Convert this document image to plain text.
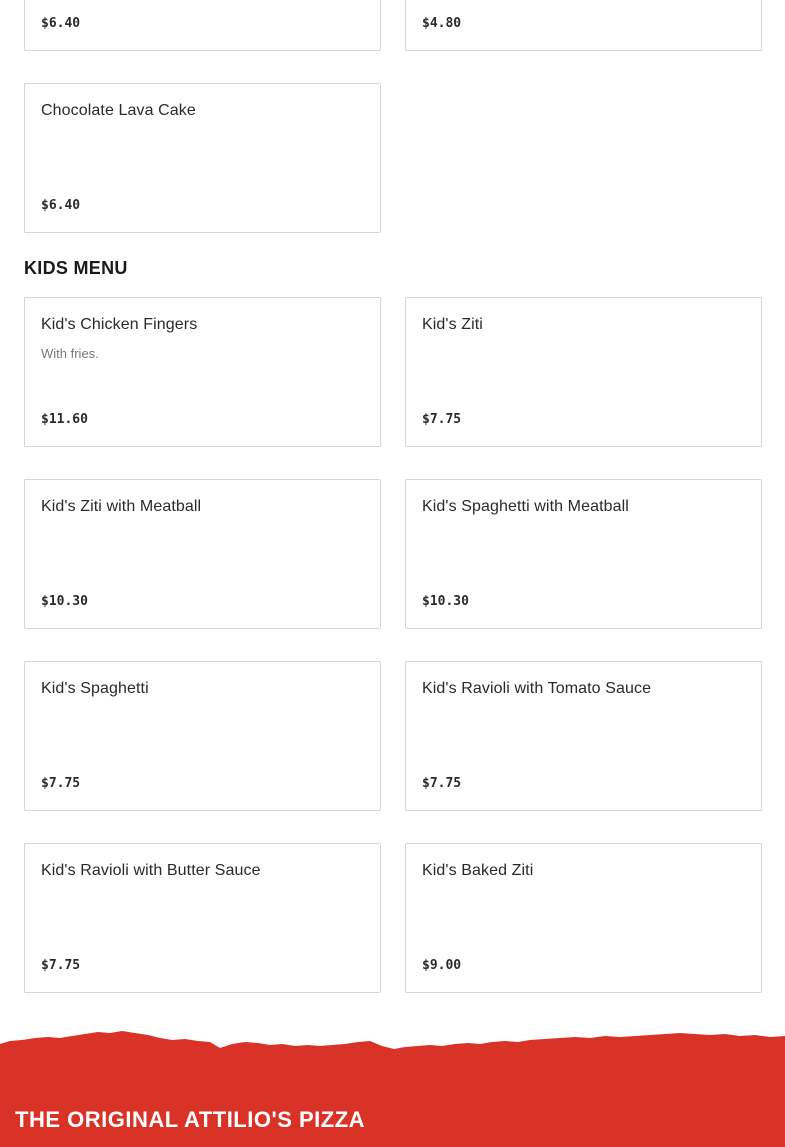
$6.40	$4.80
Chocolate Lava Cake
$6.40
KIDS MENU
Kid's Chicken Fingers
With fries.
$11.60
Kid's Ziti
$7.75
Kid's Ziti with Meatball
$10.30
Kid's Spaghetti with Meatball
$10.30
Kid's Spaghetti
$7.75
Kid's Ravioli with Tomato Sauce
$7.75
Kid's Ravioli with Butter Sauce
$7.75
Kid's Baked Ziti
$9.00
THE ORIGINAL ATTILIO'S PIZZA
